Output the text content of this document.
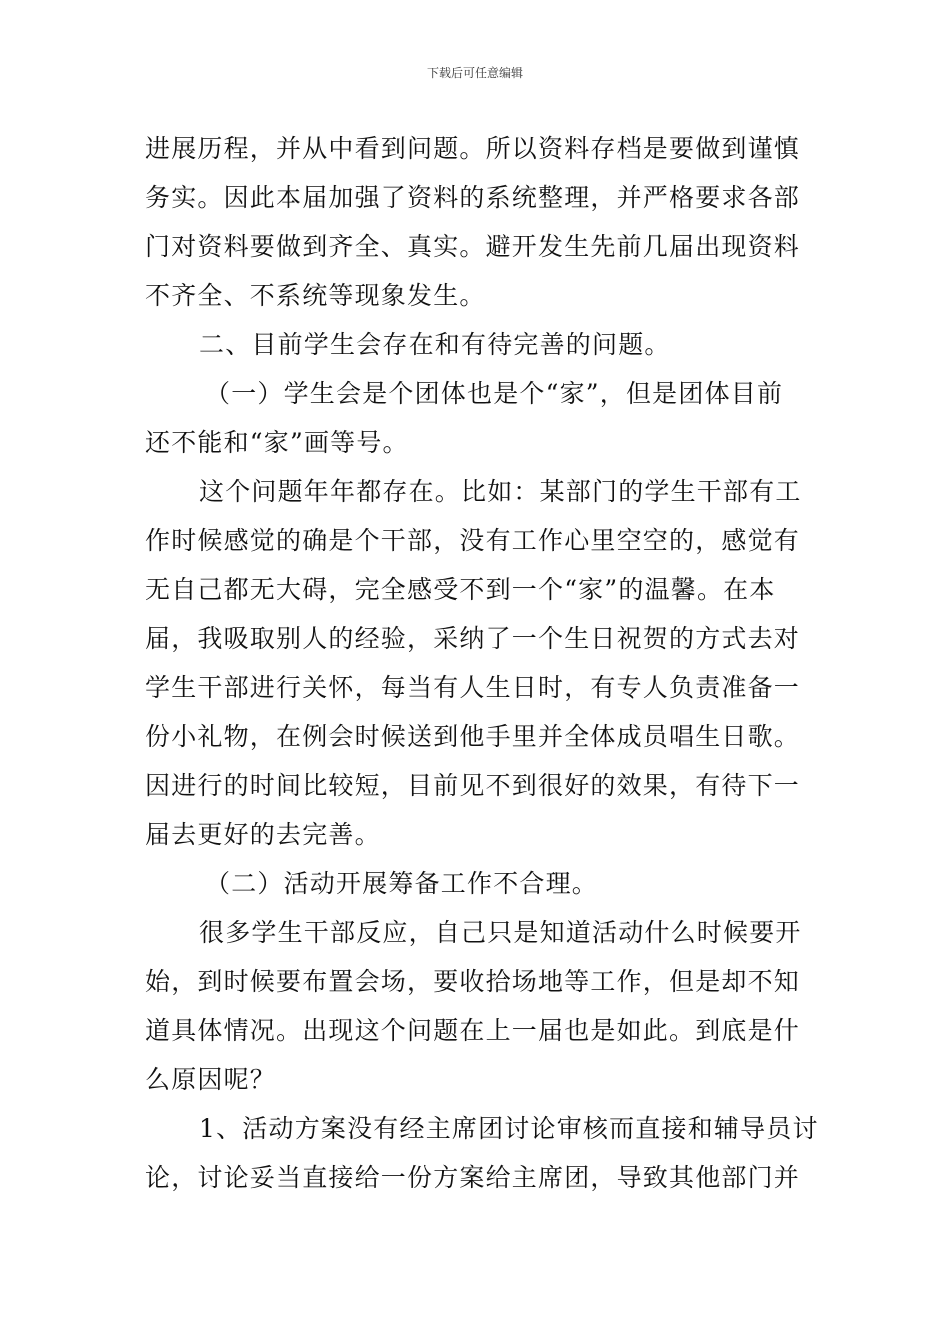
下载后可任意编辑
进展历程，并从中看到问题。所以资料存档是要做到谨慎
务实。因此本届加强了资料的系统整理，并严格要求各部
门对资料要做到齐全、真实。避开发生先前几届出现资料
不齐全、不系统等现象发生。
二、目前学生会存在和有待完善的问题。
（一）学生会是个团体也是个“家”，但是团体目前
还不能和“家”画等号。
这个问题年年都存在。比如：某部门的学生干部有工
作时候感觉的确是个干部，没有工作心里空空的，感觉有
无自己都无大碍，完全感受不到一个“家”的温馨。在本
届，我吸取别人的经验，采纳了一个生日祝贺的方式去对
学生干部进行关怀，每当有人生日时，有专人负责准备一
份小礼物，在例会时候送到他手里并全体成员唱生日歌。
因进行的时间比较短，目前见不到很好的效果，有待下一
届去更好的去完善。
（二）活动开展筹备工作不合理。
很多学生干部反应，自己只是知道活动什么时候要开
始，到时候要布置会场，要收拾场地等工作，但是却不知
道具体情况。出现这个问题在上一届也是如此。到底是什
么原因呢？
1、活动方案没有经主席团讨论审核而直接和辅导员讨
论，讨论妥当直接给一份方案给主席团，导致其他部门并
